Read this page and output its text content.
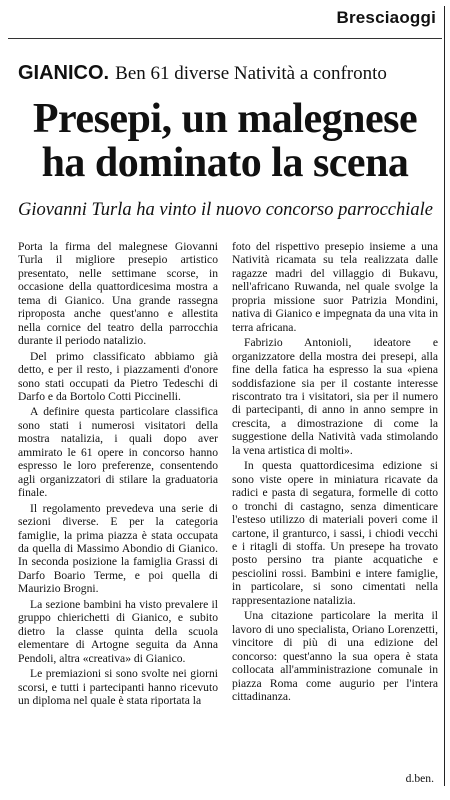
Bresciaoggi
GIANICO. Ben 61 diverse Natività a confronto
Presepi, un malegnese
ha dominato la scena
Giovanni Turla ha vinto il nuovo concorso parrocchiale

Porta la firma del malegnese Giovanni Turla il migliore presepio artistico presentato, nelle settimane scorse, in occasione della quattordicesima mostra a tema di Gianico. Una grande rassegna riproposta anche quest'anno e allestita nella cornice del teatro della parrocchia durante il periodo natalizio.

Del primo classificato abbiamo già detto, e per il resto, i piazzamenti d'onore sono stati occupati da Pietro Tedeschi di Darfo e da Bortolo Cotti Piccinelli.

A definire questa particolare classifica sono stati i numerosi visitatori della mostra natalizia, i quali dopo aver ammirato le 61 opere in concorso hanno espresso le loro preferenze, consentendo agli organizzatori di stilare la graduatoria finale.

Il regolamento prevedeva una serie di sezioni diverse. E per la categoria famiglie, la prima piazza è stata occupata da quella di Massimo Abondio di Gianico. In seconda posizione la famiglia Grassi di Darfo Boario Terme, e poi quella di Maurizio Brogni.

La sezione bambini ha visto prevalere il gruppo chierichetti di Gianico, e subito dietro la classe quinta della scuola elementare di Artogne seguita da Anna Pendoli, altra «creativa» di Gianico.

Le premiazioni si sono svolte nei giorni scorsi, e tutti i partecipanti hanno ricevuto un diploma nel quale è stata riportata la

foto del rispettivo presepio insieme a una Natività ricamata su tela realizzata dalle ragazze madri del villaggio di Bukavu, nell'africano Ruwanda, nel quale svolge la propria missione suor Patrizia Mondini, nativa di Gianico e impegnata da una vita in terra africana.

Fabrizio Antonioli, ideatore e organizzatore della mostra dei presepi, alla fine della fatica ha espresso la sua «piena soddisfazione sia per il costante interesse riscontrato tra i visitatori, sia per il numero di partecipanti, di anno in anno sempre in crescita, a dimostrazione di come la suggestione della Natività vada stimolando la vena artistica di molti».

In questa quattordicesima edizione si sono viste opere in miniatura ricavate da radici e pasta di segatura, formelle di cotto o tronchi di castagno, senza dimenticare l'esteso utilizzo di materiali poveri come il cartone, il granturco, i sassi, i chiodi vecchi e i ritagli di stoffa. Un presepe ha trovato posto persino tra piante acquatiche e pesciolini rossi. Bambini e intere famiglie, in particolare, si sono cimentati nella rappresentazione natalizia.

Una citazione particolare la merita il lavoro di uno specialista, Oriano Lorenzetti, vincitore di più di una edizione del concorso: quest'anno la sua opera è stata collocata all'amministrazione comunale in piazza Roma come augurio per l'intera cittadinanza.

d.ben.
